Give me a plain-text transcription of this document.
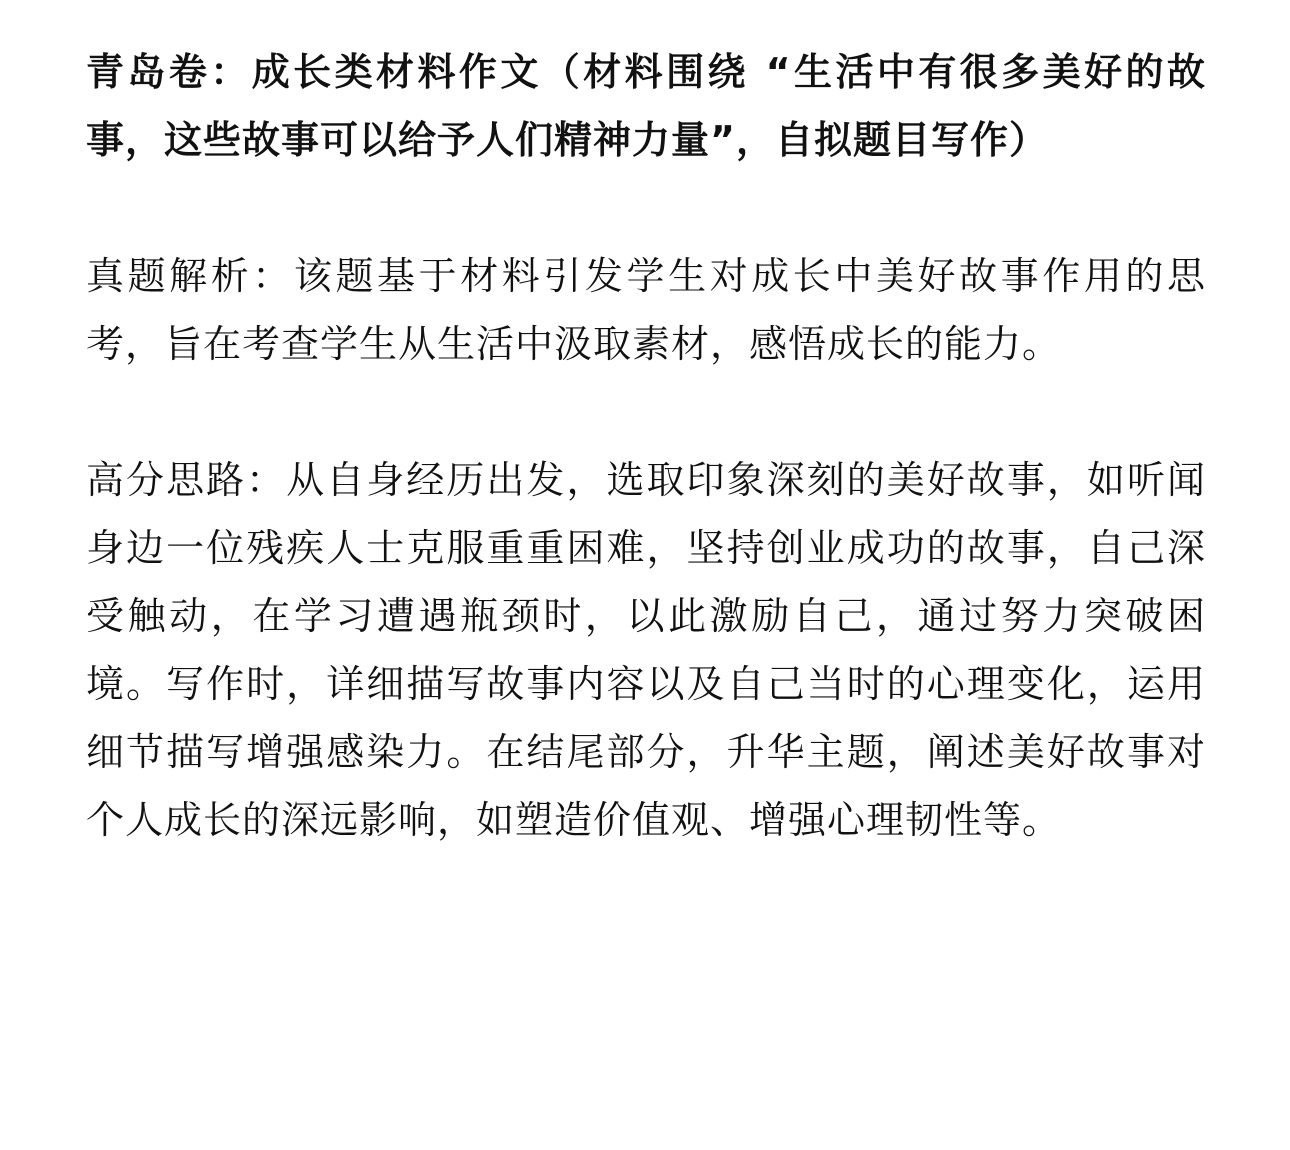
青岛卷：成长类材料作文（材料围绕 “生活中有很多美好的故事，这些故事可以给予人们精神力量”，自拟题目写作）

真题解析：该题基于材料引发学生对成长中美好故事作用的思考，旨在考查学生从生活中汲取素材，感悟成长的能力。

高分思路：从自身经历出发，选取印象深刻的美好故事，如听闻身边一位残疾人士克服重重困难，坚持创业成功的故事，自己深受触动，在学习遭遇瓶颈时，以此激励自己，通过努力突破困境。写作时，详细描写故事内容以及自己当时的心理变化，运用细节描写增强感染力。在结尾部分，升华主题，阐述美好故事对个人成长的深远影响，如塑造价值观、增强心理韧性等。
